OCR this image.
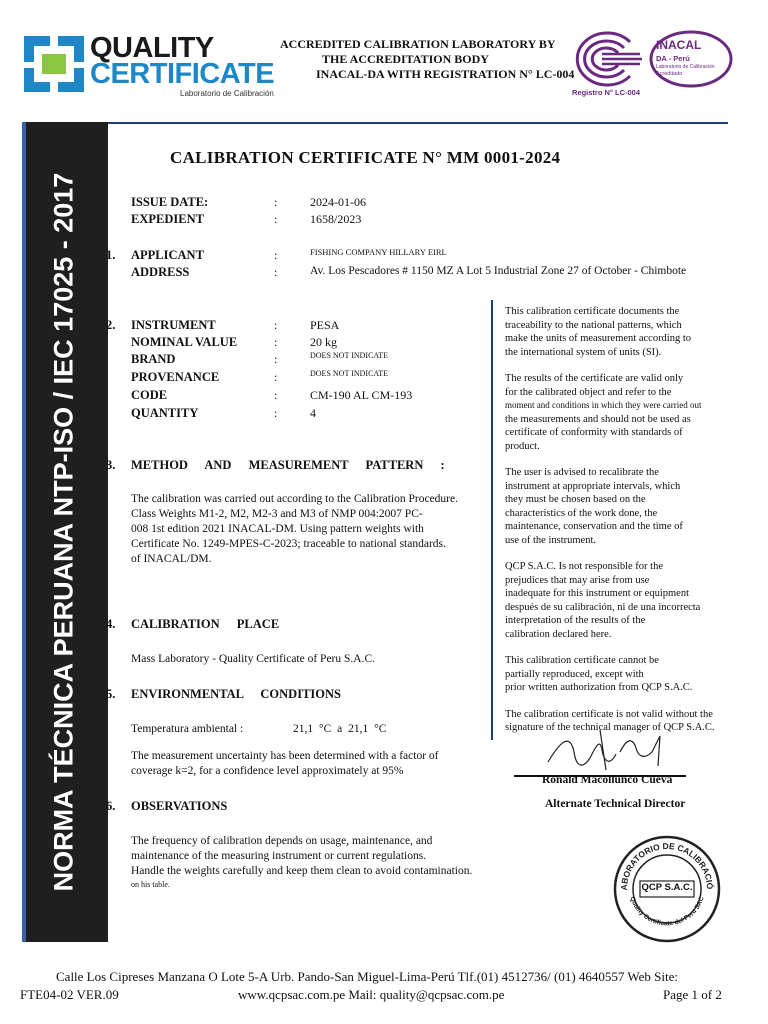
QUALITY
CERTIFICATE
Laboratorio de Calibración
ACCREDITED CALIBRATION LABORATORY BY
THE ACCREDITATION BODY
INACAL-DA WITH REGISTRATION N° LC-004
Registro N° LC-004
INACAL
DA - Perú
Laboratorio de Calibración
Acreditado
NORMA TÉCNICA PERUANA NTP-ISO / IEC 17025 - 2017
CALIBRATION CERTIFICATE N° MM 0001-2024
ISSUE DATE:	:	2024-01-06
EXPEDIENT	:	1658/2023
1. APPLICANT	:	FISHING COMPANY HILLARY EIRL
ADDRESS	:	Av. Los Pescadores # 1150 MZ A Lot 5 Industrial Zone 27 of October - Chimbote
2. INSTRUMENT	:	PESA
NOMINAL VALUE	:	20 kg
BRAND	:	DOES NOT INDICATE
PROVENANCE	:	DOES NOT INDICATE
CODE	:	CM-190 AL CM-193
QUANTITY	:	4
3. METHOD AND MEASUREMENT PATTERN :
The calibration was carried out according to the Calibration Procedure.
Class Weights M1-2, M2, M2-3 and M3 of NMP 004:2007 PC-
008 1st edition 2021 INACAL-DM. Using pattern weights with
Certificate No. 1249-MPES-C-2023; traceable to national standards.
of INACAL/DM.
4. CALIBRATION PLACE
Mass Laboratory - Quality Certificate of Peru S.A.C.
5. ENVIRONMENTAL CONDITIONS
Temperatura ambiental :	21,1 °C a 21,1 °C
The measurement uncertainty has been determined with a factor of
coverage k=2, for a confidence level approximately at 95%
6. OBSERVATIONS
The frequency of calibration depends on usage, maintenance, and
maintenance of the measuring instrument or current regulations.
Handle the weights carefully and keep them clean to avoid contamination.
on his table.
This calibration certificate documents the
traceability to the national patterns, which
make the units of measurement according to
the international system of units (SI).
The results of the certificate are valid only
for the calibrated object and refer to the
moment and conditions in which they were carried out
the measurements and should not be used as
certificate of conformity with standards of
product.
The user is advised to recalibrate the
instrument at appropriate intervals, which
they must be chosen based on the
characteristics of the work done, the
maintenance, conservation and the time of
use of the instrument.
QCP S.A.C. Is not responsible for the
prejudices that may arise from use
inadequate for this instrument or equipment
después de su calibración, ni de una incorrecta
interpretation of the results of the
calibration declared here.
This calibration certificate cannot be
partially reproduced, except with
prior written authorization from QCP S.A.C.
The calibration certificate is not valid without the
signature of the technical manager of QCP S.A.C.
Ronald Macollunco Cueva
Alternate Technical Director
ABORATORIO DE CALIBRACIÓ
Quality Certificate del Peru SAC
QCP S.A.C.
Calle Los Cipreses Manzana O Lote 5-A Urb. Pando-San Miguel-Lima-Perú Tlf.(01) 4512736/ (01) 4640557 Web Site:
FTE04-02 VER.09	www.qcpsac.com.pe Mail: quality@qcpsac.com.pe	Page 1 of 2
